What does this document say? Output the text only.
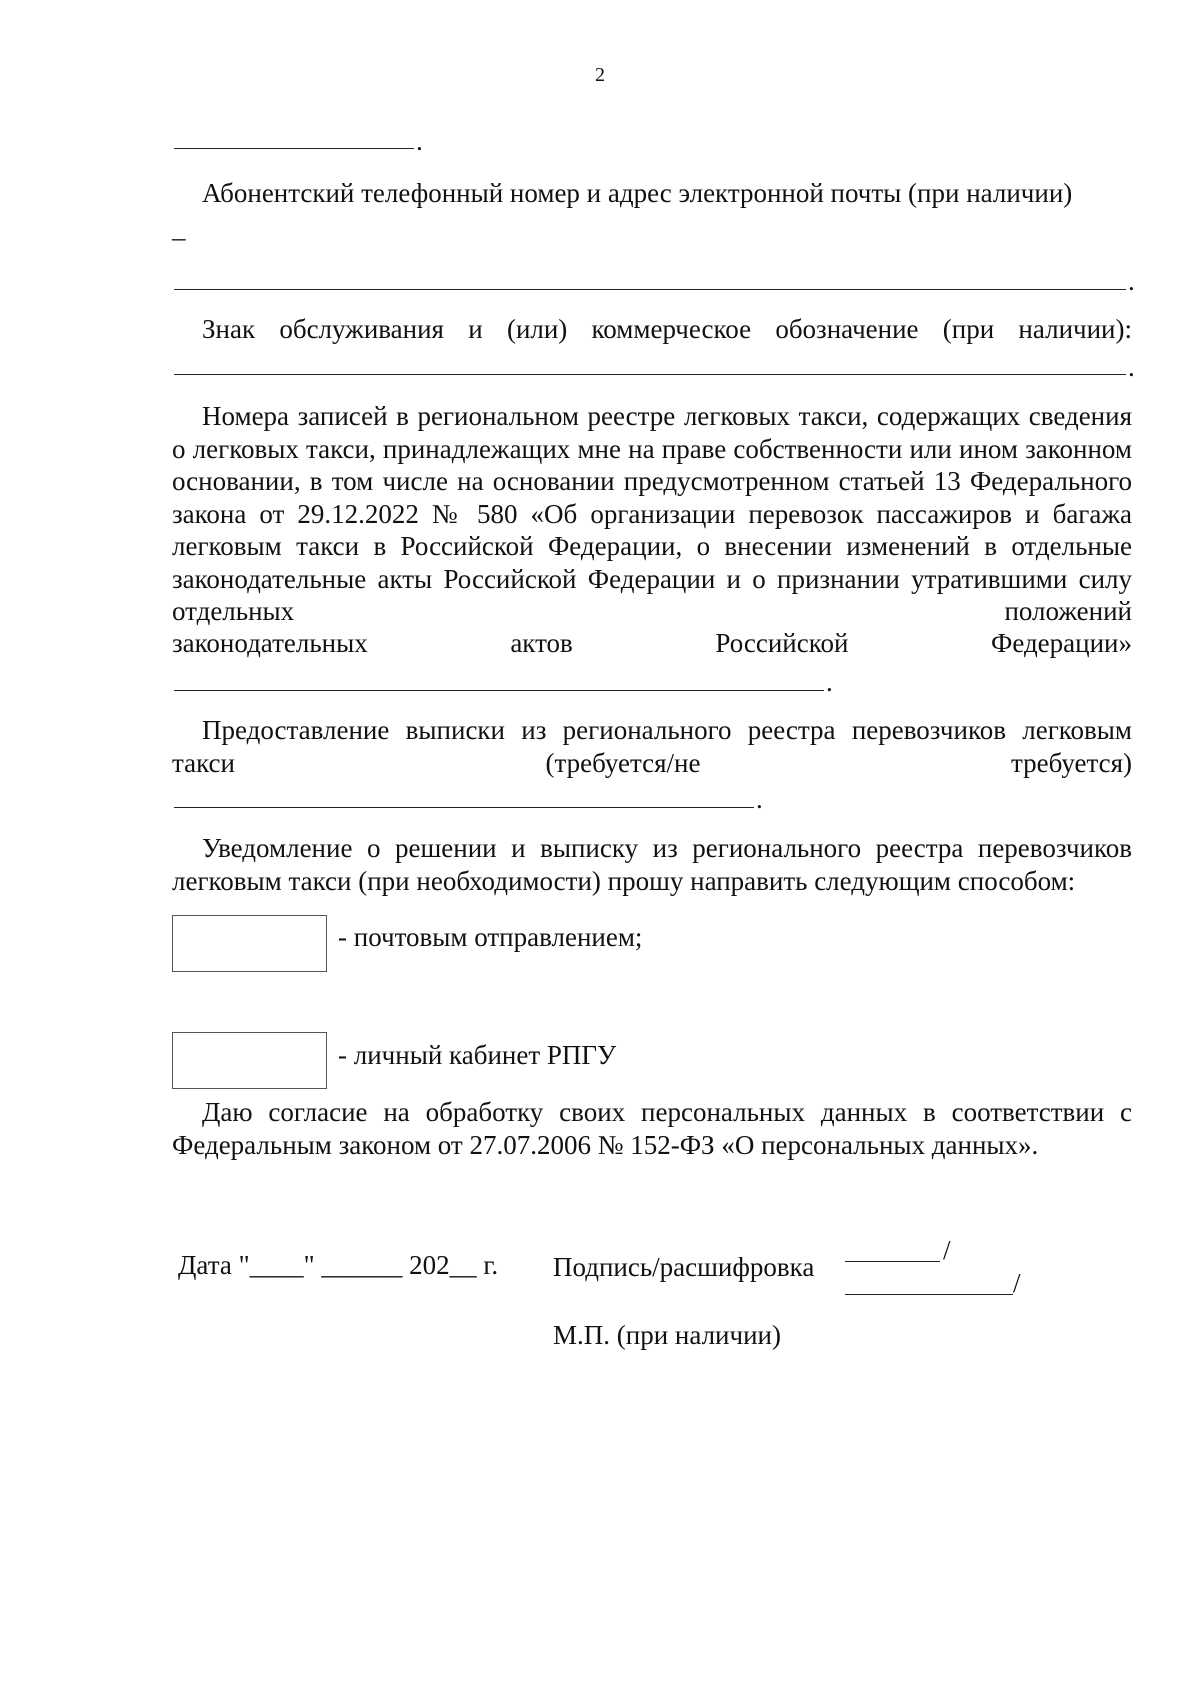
2
.
Абонентский телефонный номер и адрес электронной почты (при наличии)
_
.
Знак обслуживания и (или) коммерческое обозначение (при наличии):
.
Номера записей в региональном реестре легковых такси, содержащих сведения о легковых такси, принадлежащих мне на праве собственности или ином законном основании, в том числе на основании предусмотренном статьей 13 Федерального закона от 29.12.2022 № 580 «Об организации перевозок пассажиров и багажа легковым такси в Российской Федерации, о внесении изменений в отдельные законодательные акты Российской Федерации и о признании утратившими силу отдельных положений
законодательных актов Российской Федерации»
.
Предоставление выписки из регионального реестра перевозчиков легковым
такси (требуется/не требуется)
.
Уведомление о решении и выписку из регионального реестра перевозчиков легковым такси (при необходимости) прошу направить следующим способом:
- почтовым отправлением;
- личный кабинет РПГУ
Даю согласие на обработку своих персональных данных в соответствии с Федеральным законом от 27.07.2006 № 152-ФЗ «О персональных данных».
Дата "____" ______ 202__ г. Подпись/расшифровка
/
/
М.П. (при наличии)
